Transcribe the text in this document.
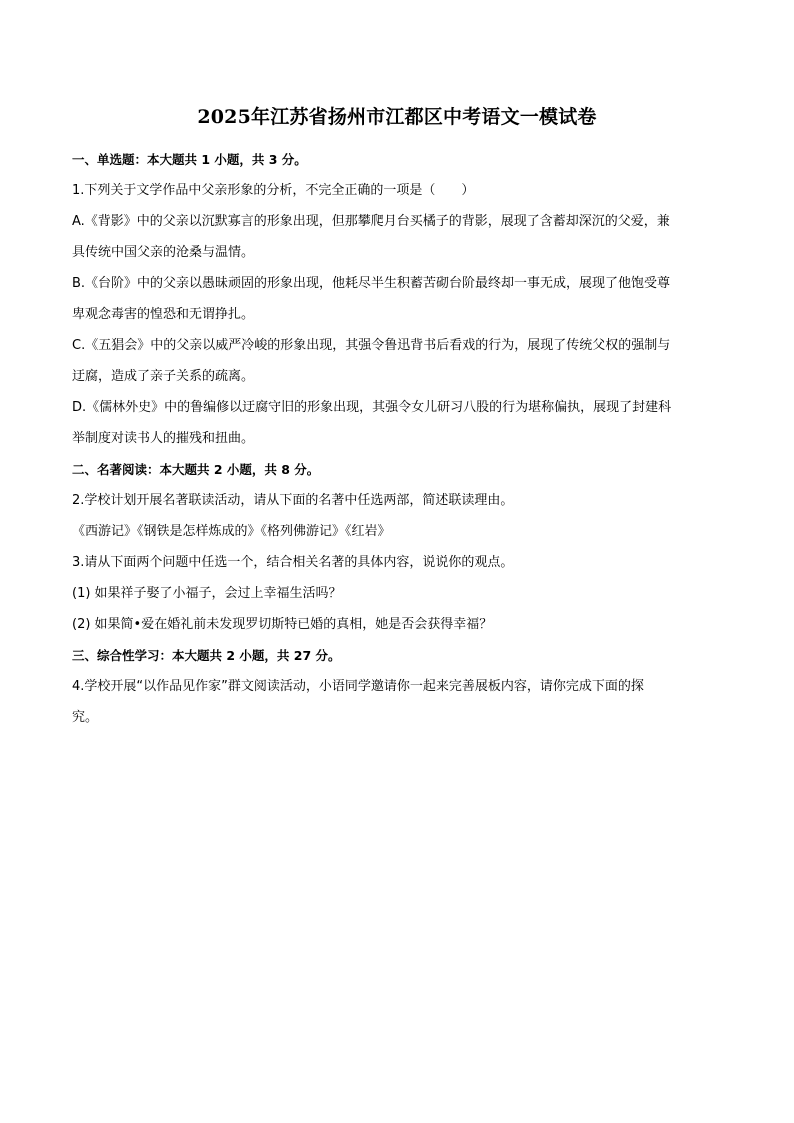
2025年江苏省扬州市江都区中考语文一模试卷

一、单选题：本大题共 1 小题，共 3 分。

1.下列关于文学作品中父亲形象的分析，不完全正确的一项是（　　）

A.《背影》中的父亲以沉默寡言的形象出现，但那攀爬月台买橘子的背影，展现了含蓄却深沉的父爱，兼

具传统中国父亲的沧桑与温情。

B.《台阶》中的父亲以愚昧顽固的形象出现，他耗尽半生积蓄苦砌台阶最终却一事无成，展现了他饱受尊

卑观念毒害的惶恐和无谓挣扎。

C.《五猖会》中的父亲以威严冷峻的形象出现，其强令鲁迅背书后看戏的行为，展现了传统父权的强制与

迂腐，造成了亲子关系的疏离。

D.《儒林外史》中的鲁编修以迂腐守旧的形象出现，其强令女儿研习八股的行为堪称偏执，展现了封建科

举制度对读书人的摧残和扭曲。

二、名著阅读：本大题共 2 小题，共 8 分。

2.学校计划开展名著联读活动，请从下面的名著中任选两部，简述联读理由。

《西游记》《钢铁是怎样炼成的》《格列佛游记》《红岩》

3.请从下面两个问题中任选一个，结合相关名著的具体内容，说说你的观点。

(1) 如果祥子娶了小福子，会过上幸福生活吗？

(2) 如果简•爱在婚礼前未发现罗切斯特已婚的真相，她是否会获得幸福？

三、综合性学习：本大题共 2 小题，共 27 分。

4.学校开展“以作品见作家”群文阅读活动，小语同学邀请你一起来完善展板内容，请你完成下面的探

究。
